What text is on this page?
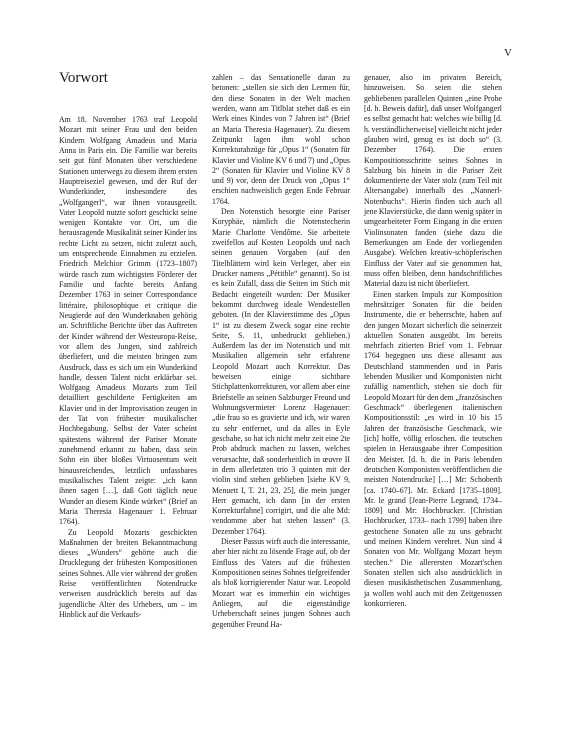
V
Vorwort

Am 18. November 1763 traf Leopold Mozart mit seiner Frau und den beiden Kindern Wolfgang Amadeus und Maria Anna in Paris ein. Die Familie war bereits seit gut fünf Monaten über verschiedene Stationen unterwegs zu diesem ihrem ersten Hauptreiseziel gewesen, und der Ruf der Wunderkinder, insbesondere des „Wolfgangerl“, war ihnen vorausgeeilt. Vater Leopold nutzte sofort geschickt seine wenigen Kontakte vor Ort, um die herausragende Musikalität seiner Kinder ins rechte Licht zu setzen, nicht zuletzt auch, um entsprechende Einnahmen zu erzielen. Friedrich Melchior Grimm (1723–1807) würde rasch zum wichtigsten Förderer der Familie und fachte bereits Anfang Dezember 1763 in seiner Correspondance littéraire, philosophique et critique die Neugierde auf den Wunderknaben gehörig an. Schriftliche Berichte über das Auftreten der Kinder während der Westeuropa-Reise, vor allem des Jungen, sind zahlreich überliefert, und die meisten bringen zum Ausdruck, dass es sich um ein Wunderkind handle, dessen Talent nicht erklärbar sei. Wolfgang Amadeus Mozarts zum Teil detailliert geschilderte Fertigkeiten am Klavier und in der Improvisation zeugen in der Tat von frühester musikalischer Hochbegabung. Selbst der Vater scheint spätestens während der Pariser Monate zunehmend erkannt zu haben, dass sein Sohn ein über bloßes Virtuosentum weit hinausreichendes, letztlich unfassbares musikalisches Talent zeigte: „ich kann ihnen sagen […], daß Gott täglich neue Wunder an diesem Kinde würket“ (Brief an Maria Theresia Hagenauer 1. Februar 1764).

Zu Leopold Mozarts geschickten Maßnahmen der breiten Bekanntmachung dieses „Wunders“ gehörte auch die Drucklegung der frühesten Kompositionen seines Sohnes. Alle vier während der großen Reise veröffentlichten Notendrucke verweisen ausdrücklich bereits auf das jugendliche Alter des Urhebers, um – im Hinblick auf die Verkaufs-

zahlen – das Sensationelle daran zu betonen: „stellen sie sich den Lermen für, den diese Sonaten in der Welt machen werden, wann am Titlblat stehet daß es ein Werk eines Kindes von 7 Jahren ist“ (Brief an Maria Theresia Hagenauer). Zu diesem Zeitpunkt lagen ihm wohl schon Korrekturabzüge für „Opus 1“ (Sonaten für Klavier und Violine KV 6 und 7) und „Opus 2“ (Sonaten für Klavier und Violine KV 8 und 9) vor, denn der Druck von „Opus 1“ erschien nachweislich gegen Ende Februar 1764.

Den Notenstich besorgte eine Pariser Koryphäe, nämlich die Notenstecherin Marie Charlotte Vendôme. Sie arbeitete zweifellos auf Kosten Leopolds und nach seinen genauen Vorgaben (auf den Titelblättern wird kein Verleger, aber ein Drucker namens „Pétitble“ genannt). So ist es kein Zufall, dass die Seiten im Stich mit Bedacht eingeteilt wurden: Der Musiker bekommt durchweg ideale Wendestellen geboten. (In der Klavierstimme des „Opus 1“ ist zu diesem Zweck sogar eine rechte Seite, S. 11, unbedruckt geblieben.) Außerdem las der im Notenstich und mit Musikalien allgemein sehr erfahrene Leopold Mozart auch Korrektur. Das beweisen einige sichtbare Stichplattenkorrekturen, vor allem aber eine Briefstelle an seinen Salzburger Freund und Wohnungsvermieter Lorenz Hagenauer: „die frau so es gravierte und ich, wir waren zu sehr entfernet, und da alles in Eyle geschahe, so hat ich nicht mehr zeit eine 2te Prob abdruck machen zu lassen, welches verursachte, daß sonderheitlich in œuvre II in dem allerletzten trio 3 quinten mit der violin sind stehen geblieben [siehe KV 9, Menuett I, T. 21, 23, 25], die mein junger Herr gemacht, ich dann [in der ersten Korrekturfahne] corrigirt, und die alte Md: vendomme aber hat stehen lassen“ (3. Dezember 1764).

Dieser Passus wirft auch die interessante, aber hier nicht zu lösende Frage auf, ob der Einfluss des Vaters auf die frühesten Kompositionen seines Sohnes tiefgreifender als bloß korrigierender Natur war. Leopold Mozart war es immerhin ein wichtiges Anliegen, auf die eigenständige Urheberschaft seines jungen Sohnes auch gegenüber Freund Ha-

genauer, also im privaten Bereich, hinzuweisen. So seien die stehen gebliebenen parallelen Quinten „eine Probe [d. h. Beweis dafür], daß unser Wolfgangerl es selbst gemacht hat: welches wie billig [d. h. verständlicherweise] vielleicht nicht jeder glauben wird, genug es ist doch so“ (3. Dezember 1764). Die ersten Kompositionsschritte seines Sohnes in Salzburg bis hinein in die Pariser Zeit dokumentierte der Vater stolz (zum Teil mit Altersangabe) innerhalb des „Nannerl-Notenbuchs“. Hierin finden sich auch all jene Klavierstücke, die dann wenig später in umgearbeiteter Form Eingang in die ersten Violinsonaten fanden (siehe dazu die Bemerkungen am Ende der vorliegenden Ausgabe). Welchen kreativ-schöpferischen Einfluss der Vater auf sie genommen hat, muss offen bleiben, denn handschriftliches Material dazu ist nicht überliefert.

Einen starken Impuls zur Komposition mehrsätziger Sonaten für die beiden Instrumente, die er beherrschte, haben auf den jungen Mozart sicherlich die seinerzeit aktuellen Sonaten ausgeübt. Im bereits mehrfach zitierten Brief vom 1. Februar 1764 begegnen uns diese allesamt aus Deutschland stammenden und in Paris lebenden Musiker und Komponisten nicht zufällig namentlich, stehen sie doch für Leopold Mozart für den dem „französischen Geschmack“ überlegenen italienischen Kompositionsstil: „es wird in 10 bis 15 Jahren der französische Geschmack, wie [ich] hoffe, völlig erloschen. die teutschen spielen in Herausgaabe ihrer Composition den Meister. [d. h. die in Paris lebenden deutschen Komponisten veröffentlichen die meisten Notendrucke] […] Mr: Schoberth [ca. 1740–67]. Mr. Eckard [1735–1809]. Mr. le grand [Jean-Pierre Legrand, 1734–1809] und Mr: Hochbrucker. [Christian Hochbrucker, 1733– nach 1799] haben ihre gestochene Sonaten alle zu uns gebracht und meinen Kindern verehret. Nun sind 4 Sonaten von Mr. Wolfgang Mozart beym stechen.“ Die allerersten Mozart'schen Sonaten stellen sich also ausdrücklich in diesen musikästhetischen Zusammenhang, ja wollen wohl auch mit den Zeitgenossen konkurrieren.
